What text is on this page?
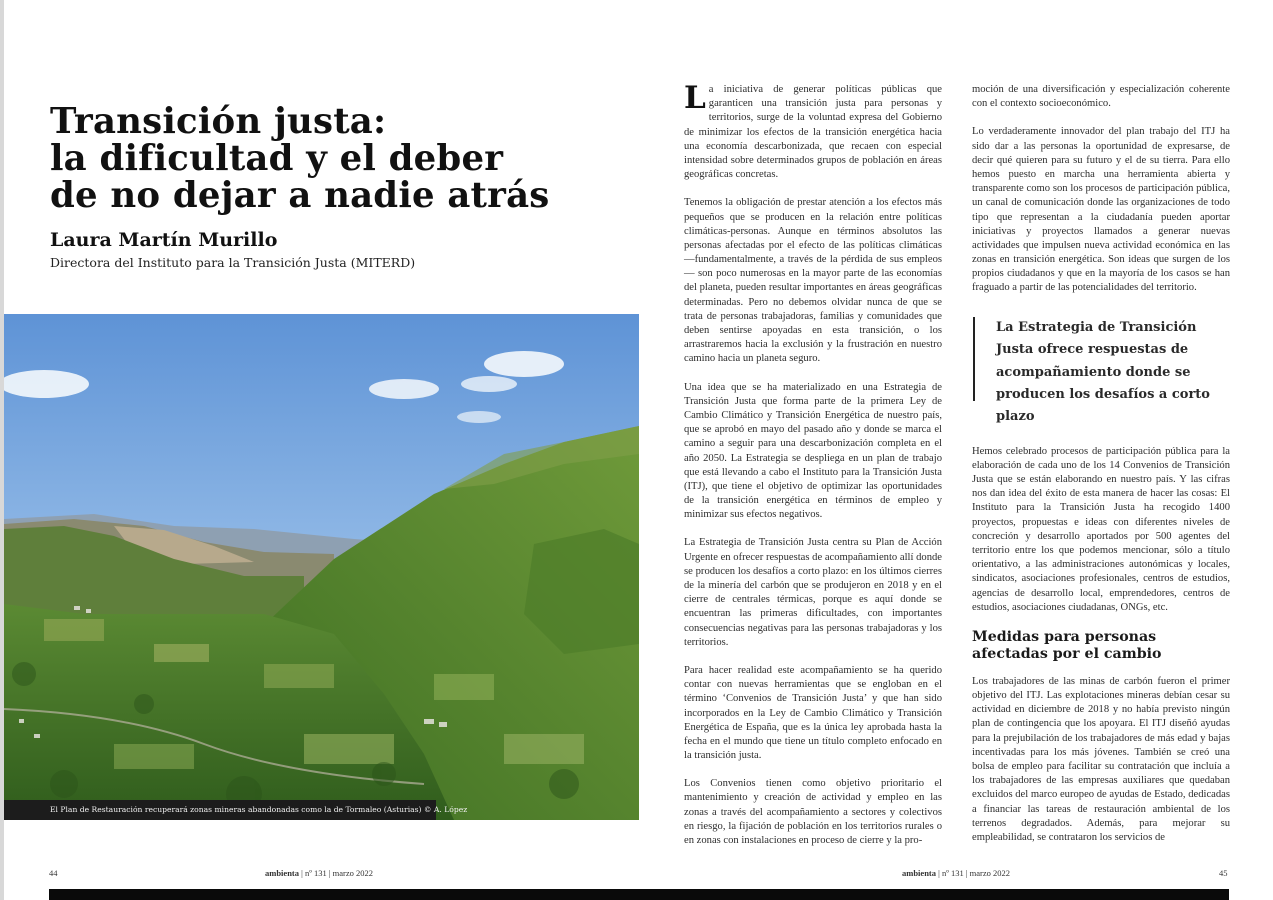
Transición justa:
la dificultad y el deber
de no dejar a nadie atrás

Laura Martín Murillo

Directora del Instituto para la Transición Justa (MITERD)

El Plan de Restauración recuperará zonas mineras abandonadas como la de Tormaleo (Asturias) © A. López

La iniciativa de generar políticas públicas que garanticen una transición justa para personas y territorios, surge de la voluntad expresa del Gobierno de minimizar los efectos de la transición energética hacia una economía descarbonizada, que recaen con especial intensidad sobre determinados grupos de población en áreas geográficas concretas.

Tenemos la obligación de prestar atención a los efectos más pequeños que se producen en la relación entre políticas climáticas-personas. Aunque en términos absolutos las personas afectadas por el efecto de las políticas climáticas —fundamentalmente, a través de la pérdida de sus empleos— son poco numerosas en la mayor parte de las economías del planeta, pueden resultar importantes en áreas geográficas determinadas. Pero no debemos olvidar nunca de que se trata de personas trabajadoras, familias y comunidades que deben sentirse apoyadas en esta transición, o los arrastraremos hacia la exclusión y la frustración en nuestro camino hacia un planeta seguro.

Una idea que se ha materializado en una Estrategia de Transición Justa que forma parte de la primera Ley de Cambio Climático y Transición Energética de nuestro país, que se aprobó en mayo del pasado año y donde se marca el camino a seguir para una descarbonización completa en el año 2050. La Estrategia se despliega en un plan de trabajo que está llevando a cabo el Instituto para la Transición Justa (ITJ), que tiene el objetivo de optimizar las oportunidades de la transición energética en términos de empleo y minimizar sus efectos negativos.

La Estrategia de Transición Justa centra su Plan de Acción Urgente en ofrecer respuestas de acompañamiento allí donde se producen los desafíos a corto plazo: en los últimos cierres de la minería del carbón que se produjeron en 2018 y en el cierre de centrales térmicas, porque es aquí donde se encuentran las primeras dificultades, con importantes consecuencias negativas para las personas trabajadoras y los territorios.

Para hacer realidad este acompañamiento se ha querido contar con nuevas herramientas que se engloban en el término ‘Convenios de Transición Justa’ y que han sido incorporados en la Ley de Cambio Climático y Transición Energética de España, que es la única ley aprobada hasta la fecha en el mundo que tiene un título completo enfocado en la transición justa.

Los Convenios tienen como objetivo prioritario el mantenimiento y creación de actividad y empleo en las zonas a través del acompañamiento a sectores y colectivos en riesgo, la fijación de población en los territorios rurales o en zonas con instalaciones en proceso de cierre y la pro-

moción de una diversificación y especialización coherente con el contexto socioeconómico.

Lo verdaderamente innovador del plan trabajo del ITJ ha sido dar a las personas la oportunidad de expresarse, de decir qué quieren para su futuro y el de su tierra. Para ello hemos puesto en marcha una herramienta abierta y transparente como son los procesos de participación pública, un canal de comunicación donde las organizaciones de todo tipo que representan a la ciudadanía pueden aportar iniciativas y proyectos llamados a generar nuevas actividades que impulsen nueva actividad económica en las zonas en transición energética. Son ideas que surgen de los propios ciudadanos y que en la mayoría de los casos se han fraguado a partir de las potencialidades del territorio.

Hemos celebrado procesos de participación pública para la elaboración de cada uno de los 14 Convenios de Transición Justa que se están elaborando en nuestro país. Y las cifras nos dan idea del éxito de esta manera de hacer las cosas: El Instituto para la Transición Justa ha recogido 1400 proyectos, propuestas e ideas con diferentes niveles de concreción y desarrollo aportados por 500 agentes del territorio entre los que podemos mencionar, sólo a título orientativo, a las administraciones autonómicas y locales, sindicatos, asociaciones profesionales, centros de estudios, agencias de desarrollo local, emprendedores, centros de estudios, asociaciones ciudadanas, ONGs, etc.

Medidas para personas afectadas por el cambio

Los trabajadores de las minas de carbón fueron el primer objetivo del ITJ. Las explotaciones mineras debían cesar su actividad en diciembre de 2018 y no había previsto ningún plan de contingencia que los apoyara. El ITJ diseñó ayudas para la prejubilación de los trabajadores de más edad y bajas incentivadas para los más jóvenes. También se creó una bolsa de empleo para facilitar su contratación que incluía a los trabajadores de las empresas auxiliares que quedaban excluidos del marco europeo de ayudas de Estado, dedicadas a financiar las tareas de restauración ambiental de los terrenos degradados. Además, para mejorar su empleabilidad, se contrataron los servicios de

La Estrategia de Transición Justa ofrece respuestas de acompañamiento donde se producen los desafíos a corto plazo

44	ambienta | nº 131 | marzo 2022	ambienta | nº 131 | marzo 2022	45
